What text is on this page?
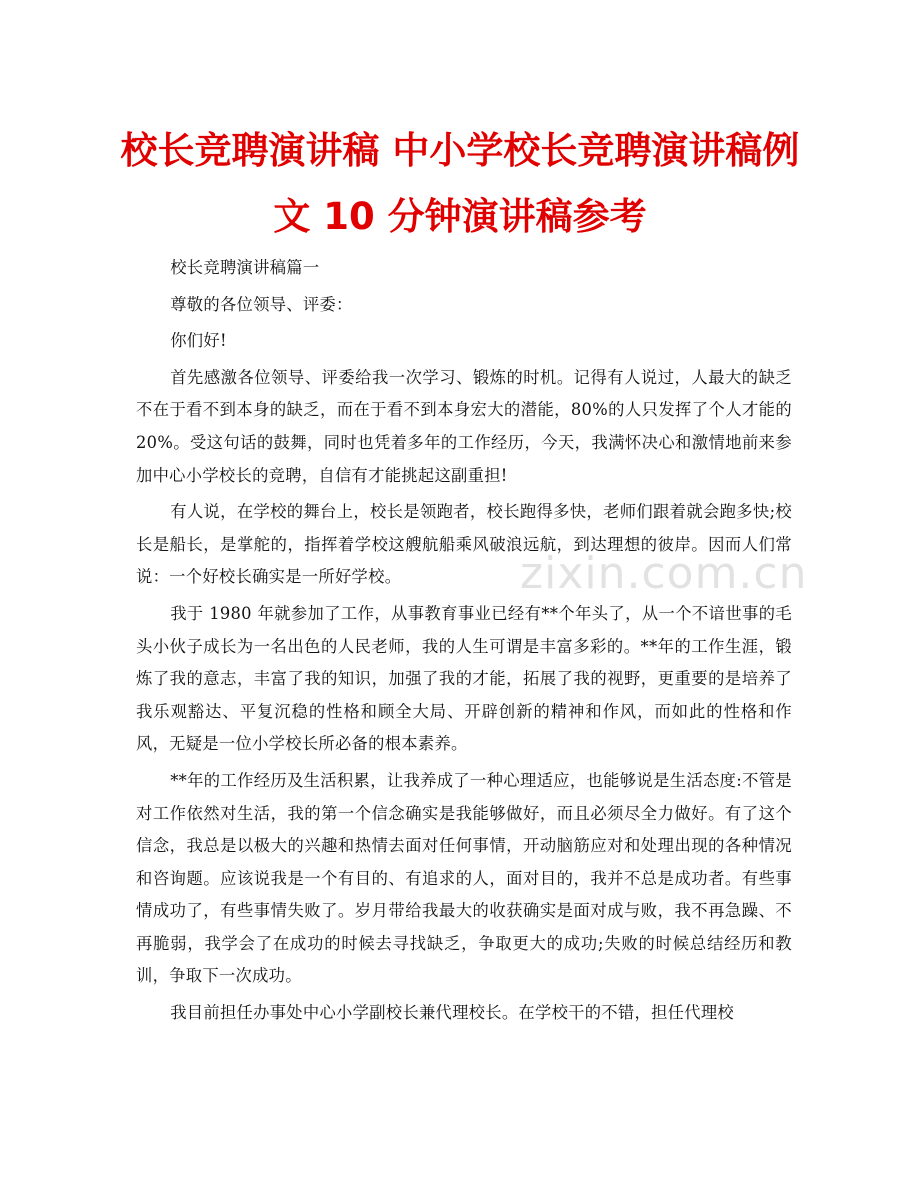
校长竞聘演讲稿 中小学校长竞聘演讲稿例文 10 分钟演讲稿参考

校长竞聘演讲稿篇一

尊敬的各位领导、评委：

你们好!

首先感激各位领导、评委给我一次学习、锻炼的时机。记得有人说过，人最大的缺乏不在于看不到本身的缺乏，而在于看不到本身宏大的潜能，80%的人只发挥了个人才能的 20%。受这句话的鼓舞，同时也凭着多年的工作经历，今天，我满怀决心和激情地前来参加中心小学校长的竞聘，自信有才能挑起这副重担!

有人说，在学校的舞台上，校长是领跑者，校长跑得多快，老师们跟着就会跑多快;校长是船长，是掌舵的，指挥着学校这艘航船乘风破浪远航，到达理想的彼岸。因而人们常说：一个好校长确实是一所好学校。

我于 1980 年就参加了工作，从事教育事业已经有**个年头了，从一个不谙世事的毛头小伙子成长为一名出色的人民老师，我的人生可谓是丰富多彩的。**年的工作生涯，锻炼了我的意志，丰富了我的知识，加强了我的才能，拓展了我的视野，更重要的是培养了我乐观豁达、平复沉稳的性格和顾全大局、开辟创新的精神和作风，而如此的性格和作风，无疑是一位小学校长所必备的根本素养。

**年的工作经历及生活积累，让我养成了一种心理适应，也能够说是生活态度:不管是对工作依然对生活，我的第一个信念确实是我能够做好，而且必须尽全力做好。有了这个信念，我总是以极大的兴趣和热情去面对任何事情，开动脑筋应对和处理出现的各种情况和咨询题。应该说我是一个有目的、有追求的人，面对目的，我并不总是成功者。有些事情成功了，有些事情失败了。岁月带给我最大的收获确实是面对成与败，我不再急躁、不再脆弱，我学会了在成功的时候去寻找缺乏，争取更大的成功;失败的时候总结经历和教训，争取下一次成功。

我目前担任办事处中心小学副校长兼代理校长。在学校干的不错，担任代理校

zixin.com.cn
